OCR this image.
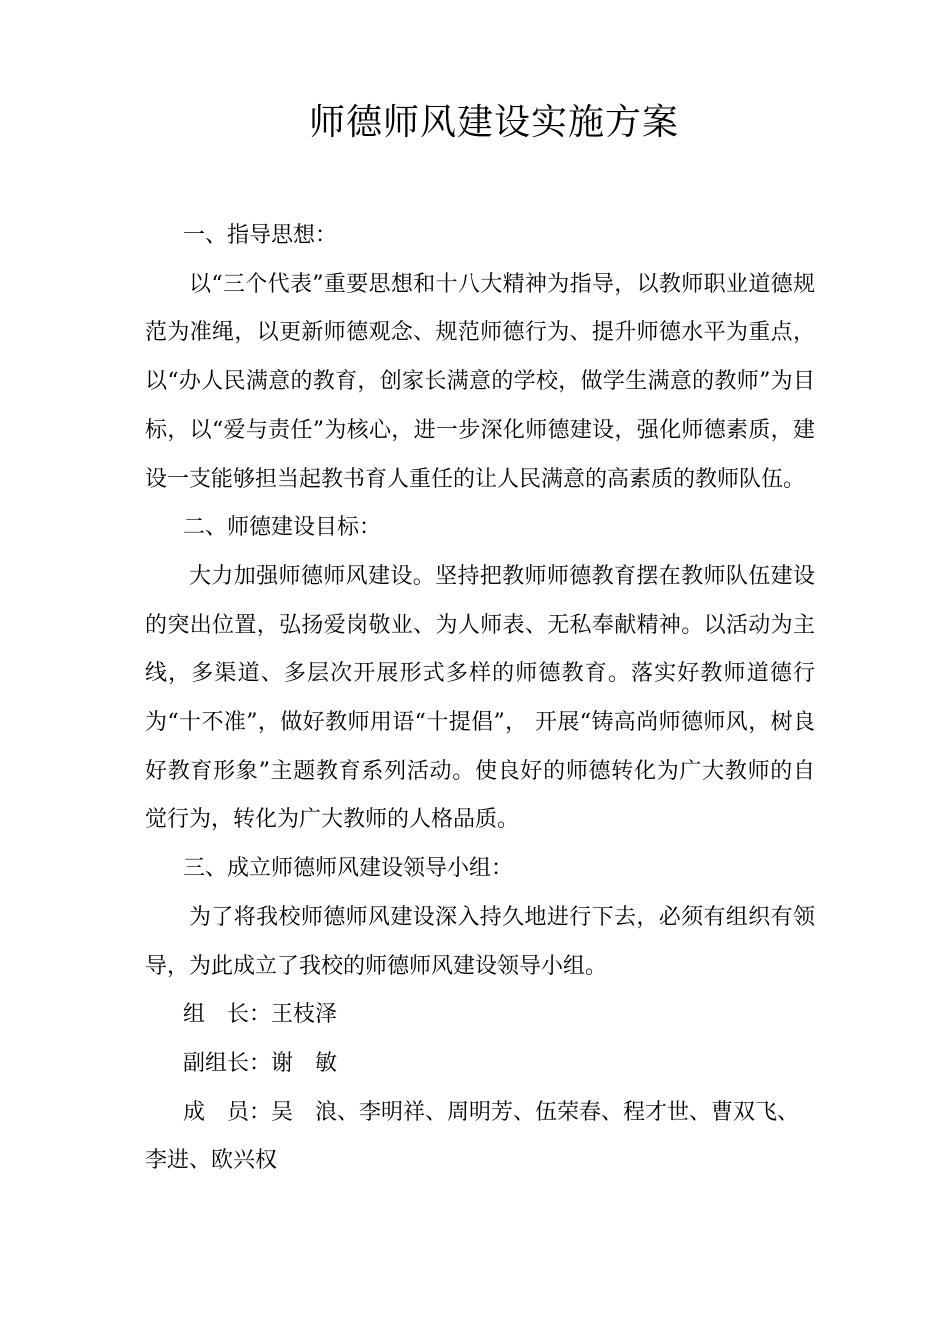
师德师风建设实施方案

一、指导思想：

以“三个代表”重要思想和十八大精神为指导，以教师职业道德规范为准绳，以更新师德观念、规范师德行为、提升师德水平为重点，以“办人民满意的教育，创家长满意的学校，做学生满意的教师”为目标，以“爱与责任”为核心，进一步深化师德建设，强化师德素质，建设一支能够担当起教书育人重任的让人民满意的高素质的教师队伍。

二、师德建设目标：

大力加强师德师风建设。坚持把教师师德教育摆在教师队伍建设的突出位置，弘扬爱岗敬业、为人师表、无私奉献精神。以活动为主线，多渠道、多层次开展形式多样的师德教育。落实好教师道德行为“十不准”，做好教师用语“十提倡”， 开展“铸高尚师德师风，树良好教育形象”主题教育系列活动。使良好的师德转化为广大教师的自觉行为，转化为广大教师的人格品质。

三、成立师德师风建设领导小组：

为了将我校师德师风建设深入持久地进行下去，必须有组织有领导，为此成立了我校的师德师风建设领导小组。

组　长：王枝泽

副组长：谢　敏

成　员：吴　浪、李明祥、周明芳、伍荣春、程才世、曹双飞、李进、欧兴权
